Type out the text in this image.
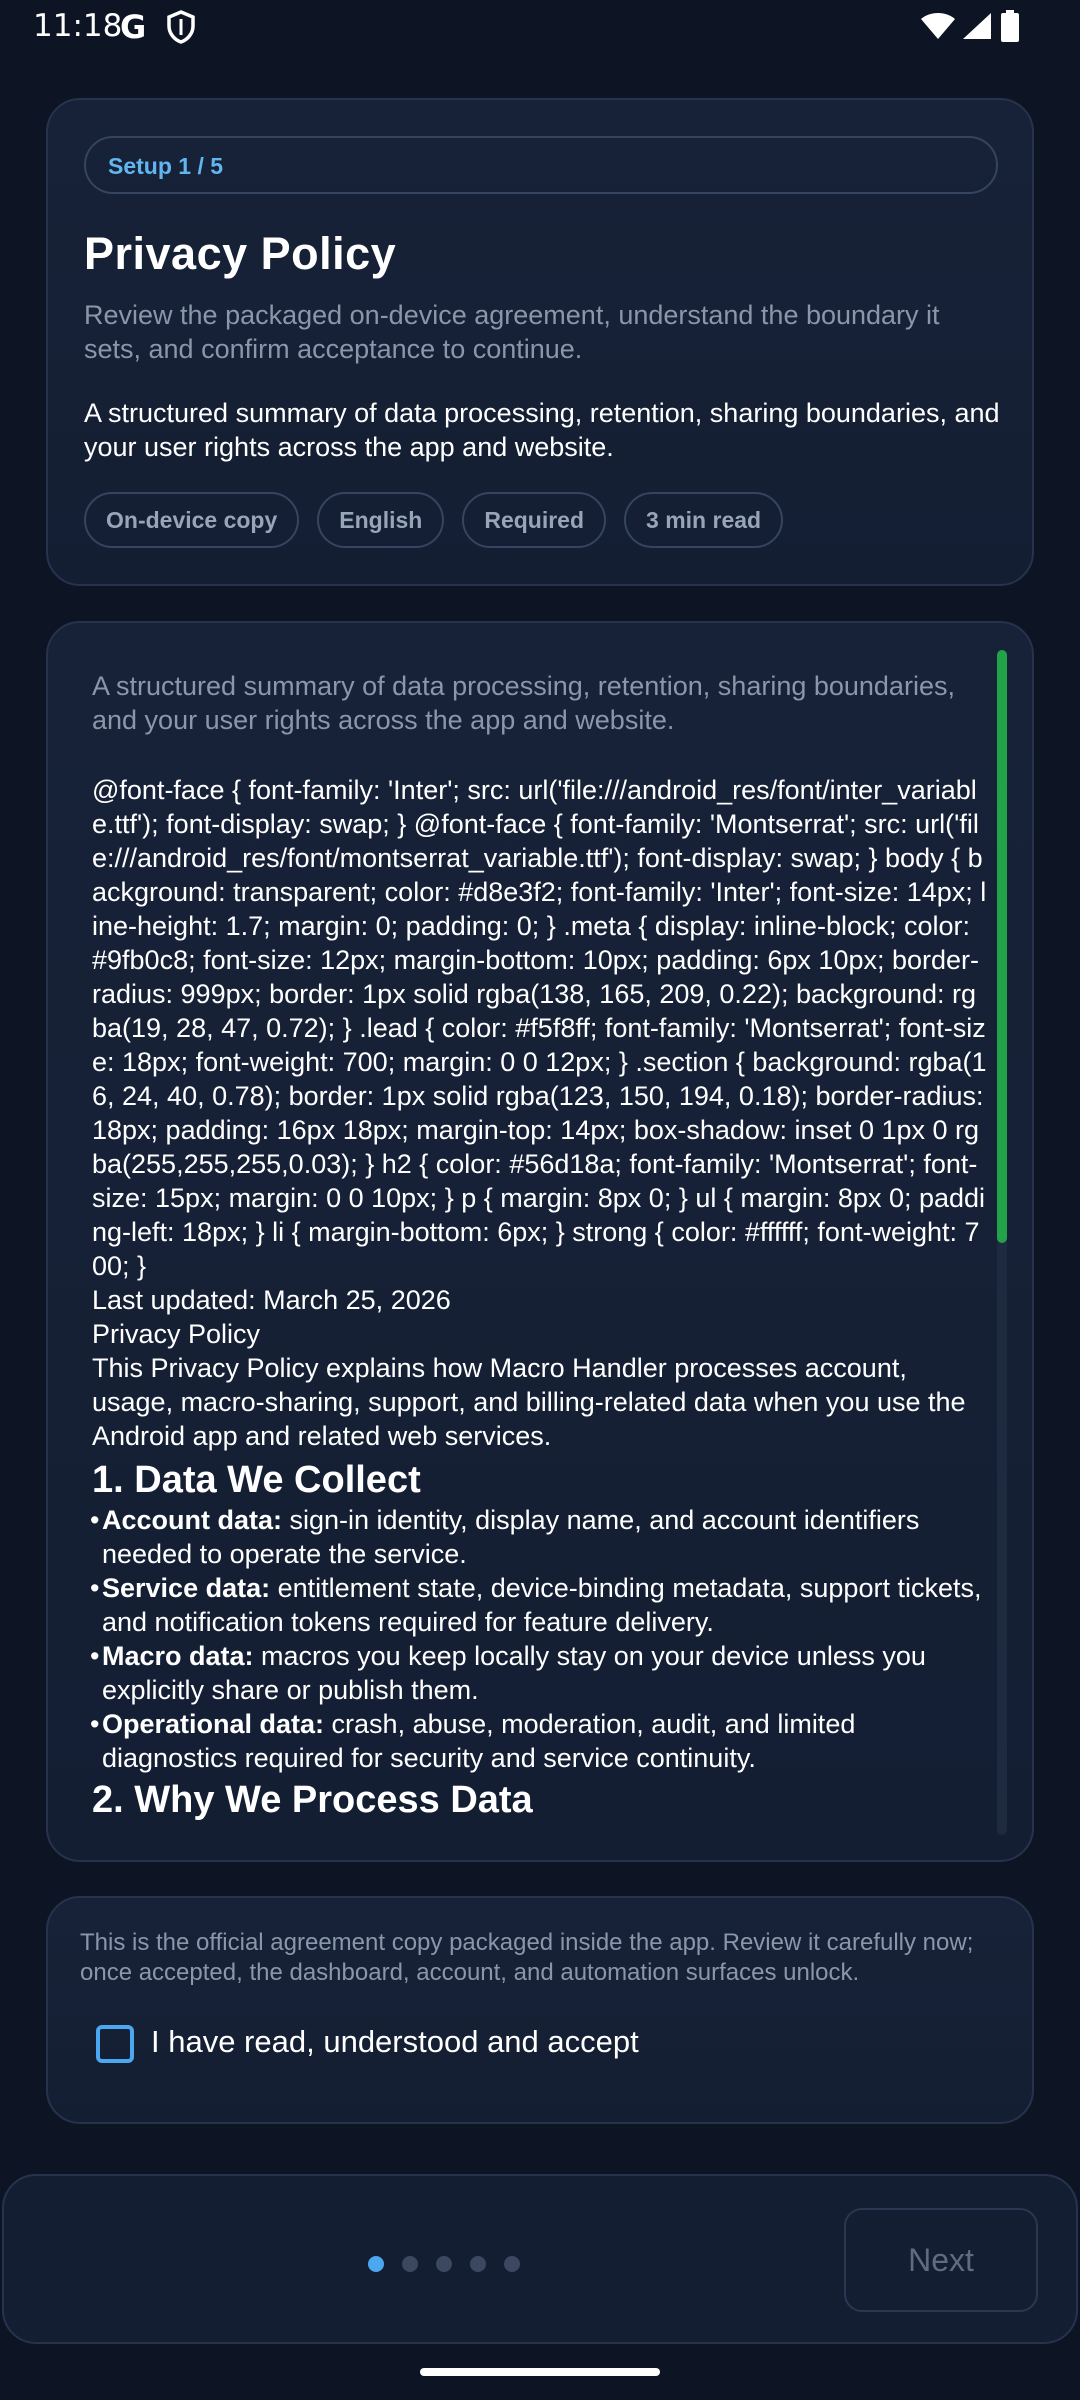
11:18
G
Setup 1 / 5
Privacy Policy
Review the packaged on-device agreement, understand the boundary it sets, and confirm acceptance to continue.
A structured summary of data processing, retention, sharing boundaries, and your user rights across the app and website.
On-device copy	English	Required	3 min read
A structured summary of data processing, retention, sharing boundaries, and your user rights across the app and website.
@font-face { font-family: 'Inter'; src: url('file:///android_res/font/inter_variable.ttf'); font-display: swap; } @font-face { font-family: 'Montserrat'; src: url('file:///android_res/font/montserrat_variable.ttf'); font-display: swap; } body { background: transparent; color: #d8e3f2; font-family: 'Inter'; font-size: 14px; line-height: 1.7; margin: 0; padding: 0; } .meta { display: inline-block; color: #9fb0c8; font-size: 12px; margin-bottom: 10px; padding: 6px 10px; border-radius: 999px; border: 1px solid rgba(138, 165, 209, 0.22); background: rgba(19, 28, 47, 0.72); } .lead { color: #f5f8ff; font-family: 'Montserrat'; font-size: 18px; font-weight: 700; margin: 0 0 12px; } .section { background: rgba(16, 24, 40, 0.78); border: 1px solid rgba(123, 150, 194, 0.18); border-radius: 18px; padding: 16px 18px; margin-top: 14px; box-shadow: inset 0 1px 0 rgba(255,255,255,0.03); } h2 { color: #56d18a; font-family: 'Montserrat'; font-size: 15px; margin: 0 0 10px; } p { margin: 8px 0; } ul { margin: 8px 0; padding-left: 18px; } li { margin-bottom: 6px; } strong { color: #ffffff; font-weight: 700; }
Last updated: March 25, 2026
Privacy Policy
This Privacy Policy explains how Macro Handler processes account, usage, macro-sharing, support, and billing-related data when you use the Android app and related web services.
1. Data We Collect
• Account data: sign-in identity, display name, and account identifiers needed to operate the service.
• Service data: entitlement state, device-binding metadata, support tickets, and notification tokens required for feature delivery.
• Macro data: macros you keep locally stay on your device unless you explicitly share or publish them.
• Operational data: crash, abuse, moderation, audit, and limited diagnostics required for security and service continuity.
2. Why We Process Data
This is the official agreement copy packaged inside the app. Review it carefully now; once accepted, the dashboard, account, and automation surfaces unlock.
I have read, understood and accept
Next
